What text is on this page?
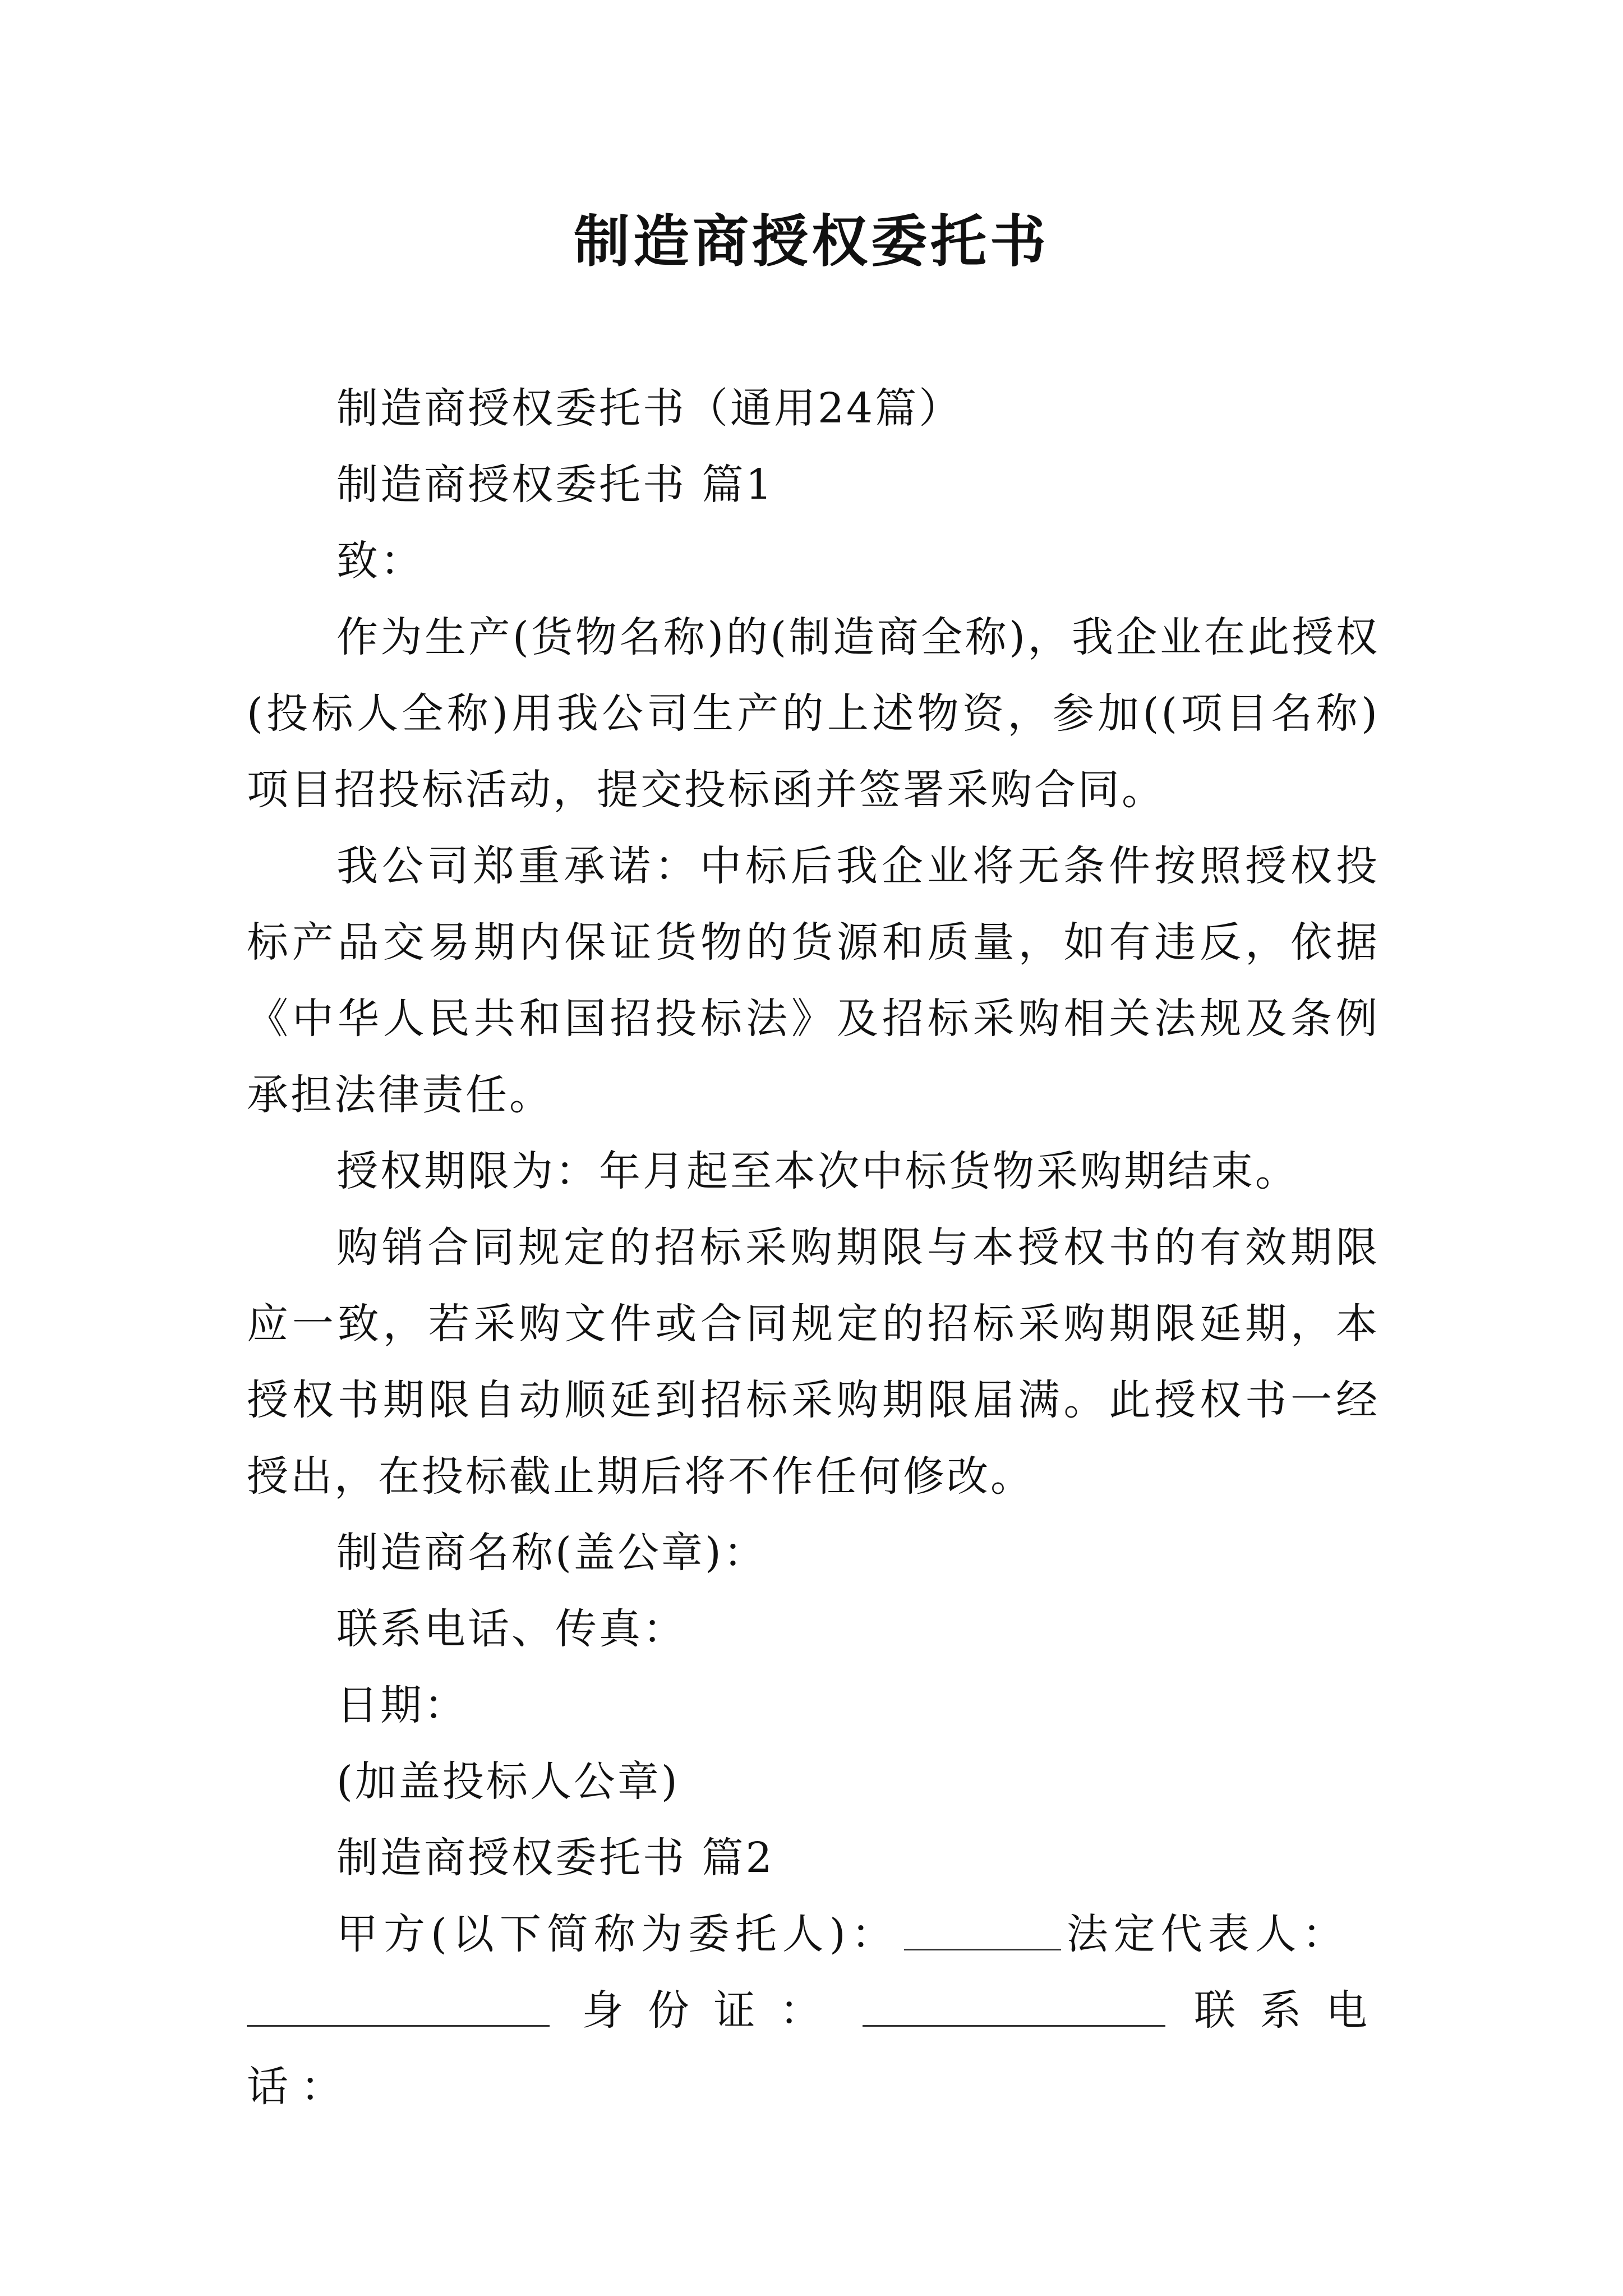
制造商授权委托书

制造商授权委托书（通用24篇）

制造商授权委托书 篇1

致：

作为生产(货物名称)的(制造商全称)，我企业在此授权(投标人全称)用我公司生产的上述物资，参加((项目名称)项目招投标活动，提交投标函并签署采购合同。

我公司郑重承诺：中标后我企业将无条件按照授权投标产品交易期内保证货物的货源和质量，如有违反，依据《中华人民共和国招投标法》及招标采购相关法规及条例承担法律责任。

授权期限为：年月起至本次中标货物采购期结束。

购销合同规定的招标采购期限与本授权书的有效期限应一致，若采购文件或合同规定的招标采购期限延期，本授权书期限自动顺延到招标采购期限届满。此授权书一经授出，在投标截止期后将不作任何修改。

制造商名称(盖公章)：

联系电话、传真：

日期：

(加盖投标人公章)

制造商授权委托书 篇2

甲方(以下简称为委托人)：	法定代表人：

身份证：	联系电话：
